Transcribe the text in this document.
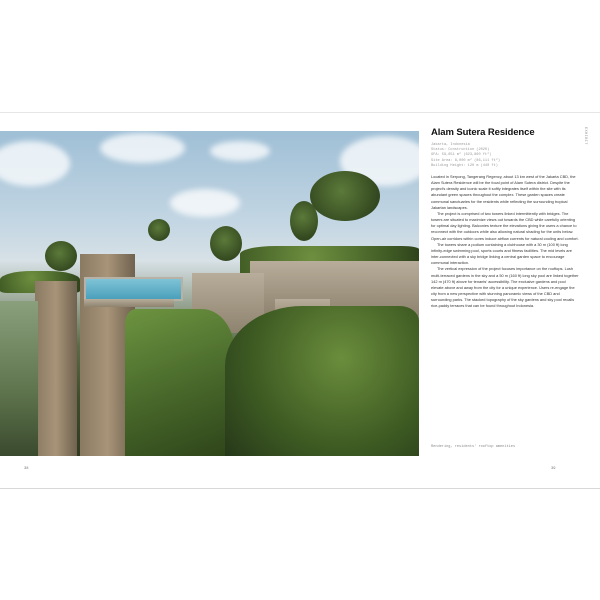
Alam Sutera Residence
Jakarta, Indonesia
Status: Construction (2020)
GFA: 59,651 m² (623,860 ft²)
Site Area: 8,000 m² (86,111 ft²)
Building Height: 120 m (440 ft)

Located in Serpong, Tangerang Regency, about 13 km west of the Jakarta CBD, the Alam Sutera Residence will be the focal point of Alam Sutera district. Despite the project's density and iconic scale it softly integrates itself within the site with its abundant green spaces throughout the complex. These garden spaces create communal sanctuaries for the residents while reflecting the surrounding tropical Jakartan landscapes.

The project is comprised of two towers linked intermittently with bridges. The towers are situated to maximize views out towards the CBD while carefully orienting for optimal day lighting. Balconies texture the elevations giving the users a chance to reconnect with the outdoors while also allowing natural shading for the units below. Open-air corridors within cores induce airflow currents for natural cooling and comfort.

The towers share a podium containing a clubhouse with a 30 m (100 ft) long infinity-edge swimming pool, sports courts and fitness facilities. The mid levels are inter-connected with a sky bridge linking a central garden space to encourage communal interaction.

The vertical expression of the project focuses importance on the rooftops. Lush multi-terraced gardens in the sky and a 50 m (160 ft) long sky pool are linked together 142 m (470 ft) above for tenants' accessibility. The exclusive gardens and pool elevate above and away from the city for a unique experience. Users re-engage the city from a new perspective with stunning panoramic views of the CBD and surrounding parks. The stacked topography of the sky gardens and sky pool recalls rice-paddy terraces that can be found throughout Indonesia.

EXHIBIT
Rendering, residents' rooftop amenities
38	39
